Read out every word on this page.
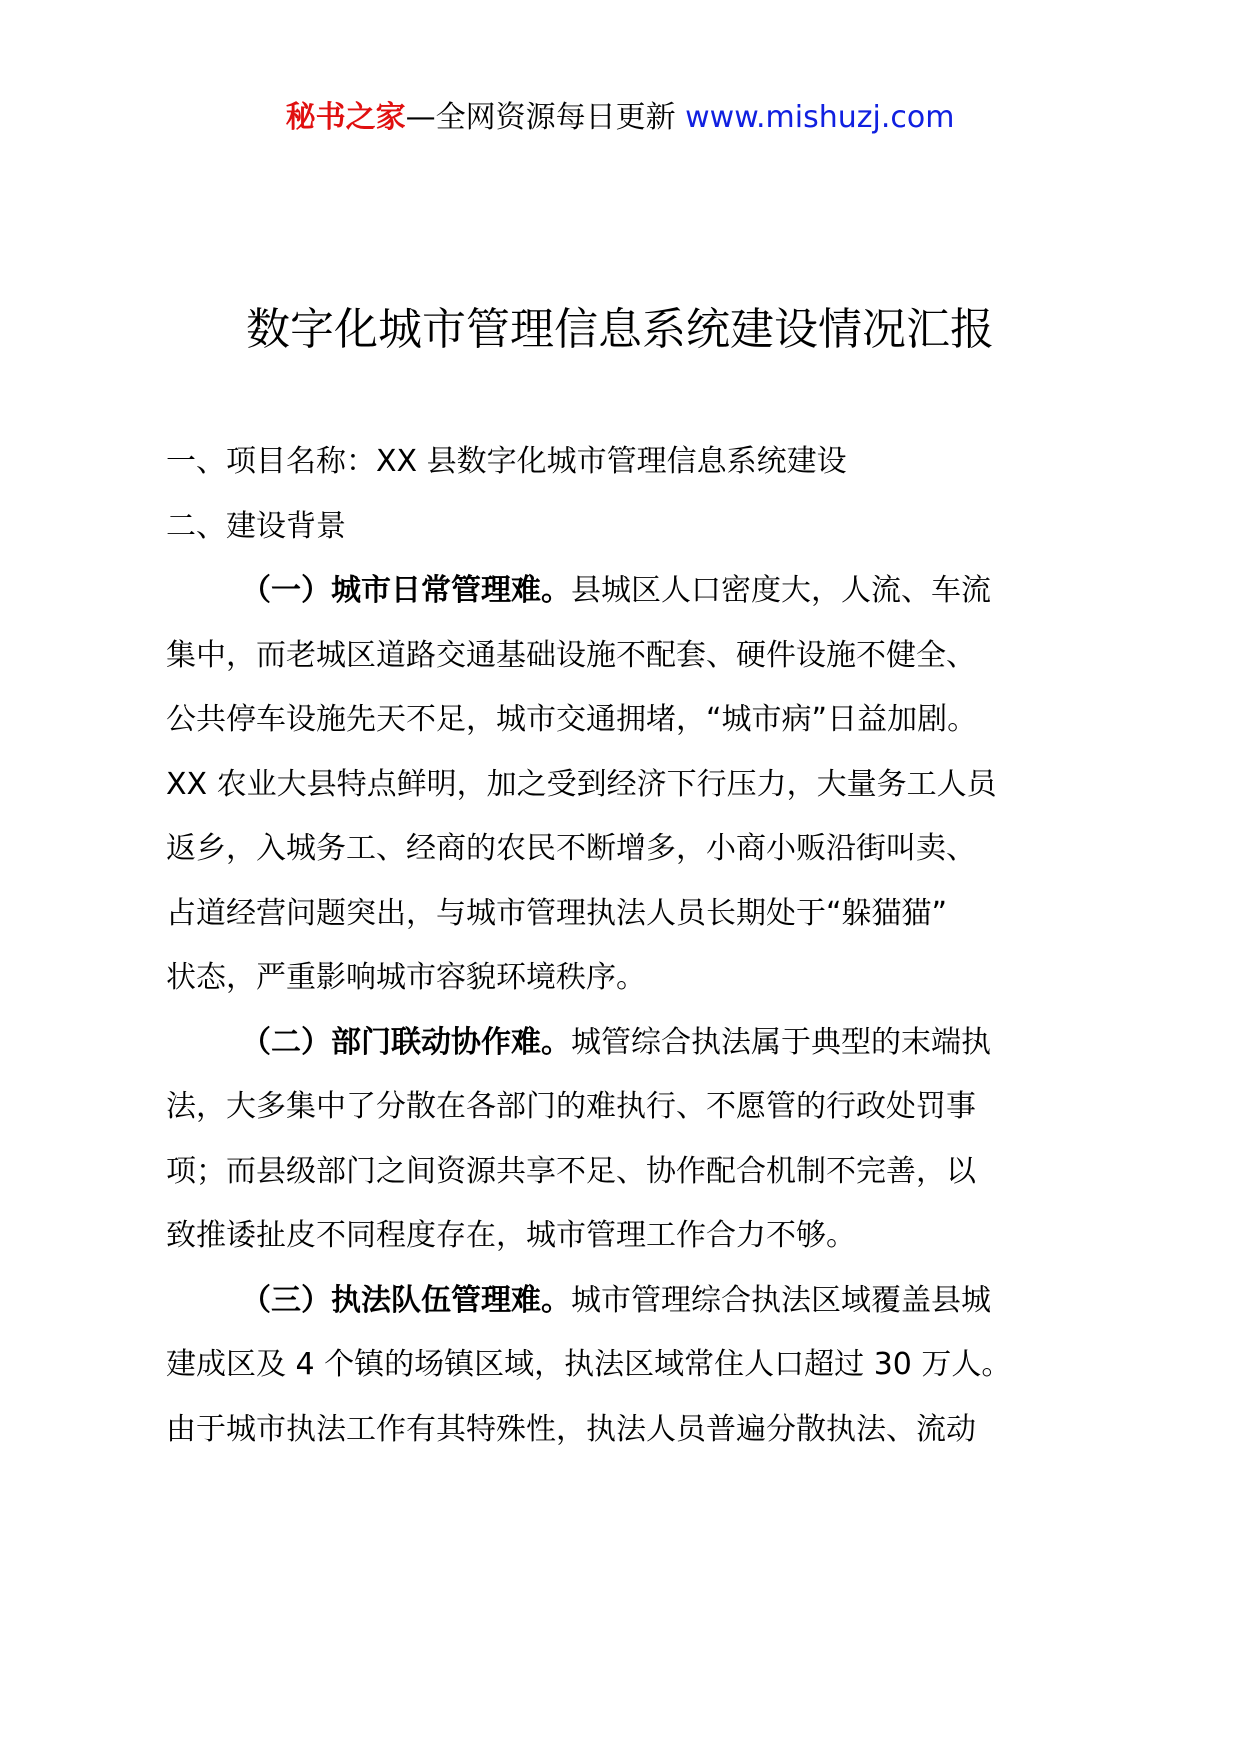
秘书之家—全网资源每日更新 www.mishuzj.com
数字化城市管理信息系统建设情况汇报
一、项目名称：XX 县数字化城市管理信息系统建设
二、建设背景
（一）城市日常管理难。县城区人口密度大，人流、车流
集中，而老城区道路交通基础设施不配套、硬件设施不健全、
公共停车设施先天不足，城市交通拥堵，“城市病”日益加剧。
XX 农业大县特点鲜明，加之受到经济下行压力，大量务工人员
返乡，入城务工、经商的农民不断增多，小商小贩沿街叫卖、
占道经营问题突出，与城市管理执法人员长期处于“躲猫猫”
状态，严重影响城市容貌环境秩序。
（二）部门联动协作难。城管综合执法属于典型的末端执
法，大多集中了分散在各部门的难执行、不愿管的行政处罚事
项；而县级部门之间资源共享不足、协作配合机制不完善，以
致推诿扯皮不同程度存在，城市管理工作合力不够。
（三）执法队伍管理难。城市管理综合执法区域覆盖县城
建成区及 4 个镇的场镇区域，执法区域常住人口超过 30 万人。
由于城市执法工作有其特殊性，执法人员普遍分散执法、流动
